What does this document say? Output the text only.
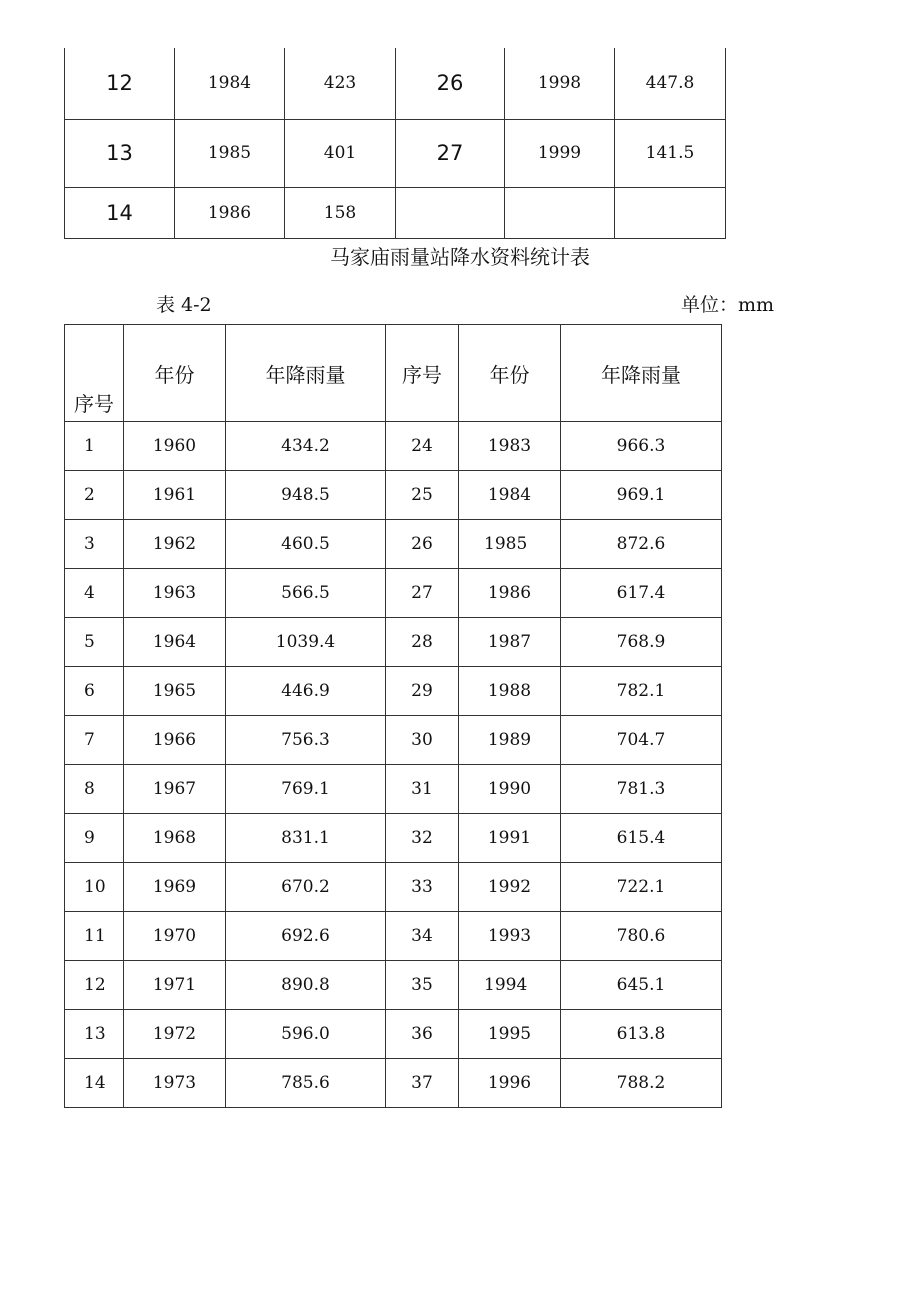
12	1984	423	26	1998	447.8
13	1985	401	27	1999	141.5
14	1986	158			
马家庙雨量站降水资料统计表
表 4-2	单位：mm
序号	年份	年降雨量	序号	年份	年降雨量
1	1960	434.2	24	1983	966.3
2	1961	948.5	25	1984	969.1
3	1962	460.5	26	1985	872.6
4	1963	566.5	27	1986	617.4
5	1964	1039.4	28	1987	768.9
6	1965	446.9	29	1988	782.1
7	1966	756.3	30	1989	704.7
8	1967	769.1	31	1990	781.3
9	1968	831.1	32	1991	615.4
10	1969	670.2	33	1992	722.1
11	1970	692.6	34	1993	780.6
12	1971	890.8	35	1994	645.1
13	1972	596.0	36	1995	613.8
14	1973	785.6	37	1996	788.2
